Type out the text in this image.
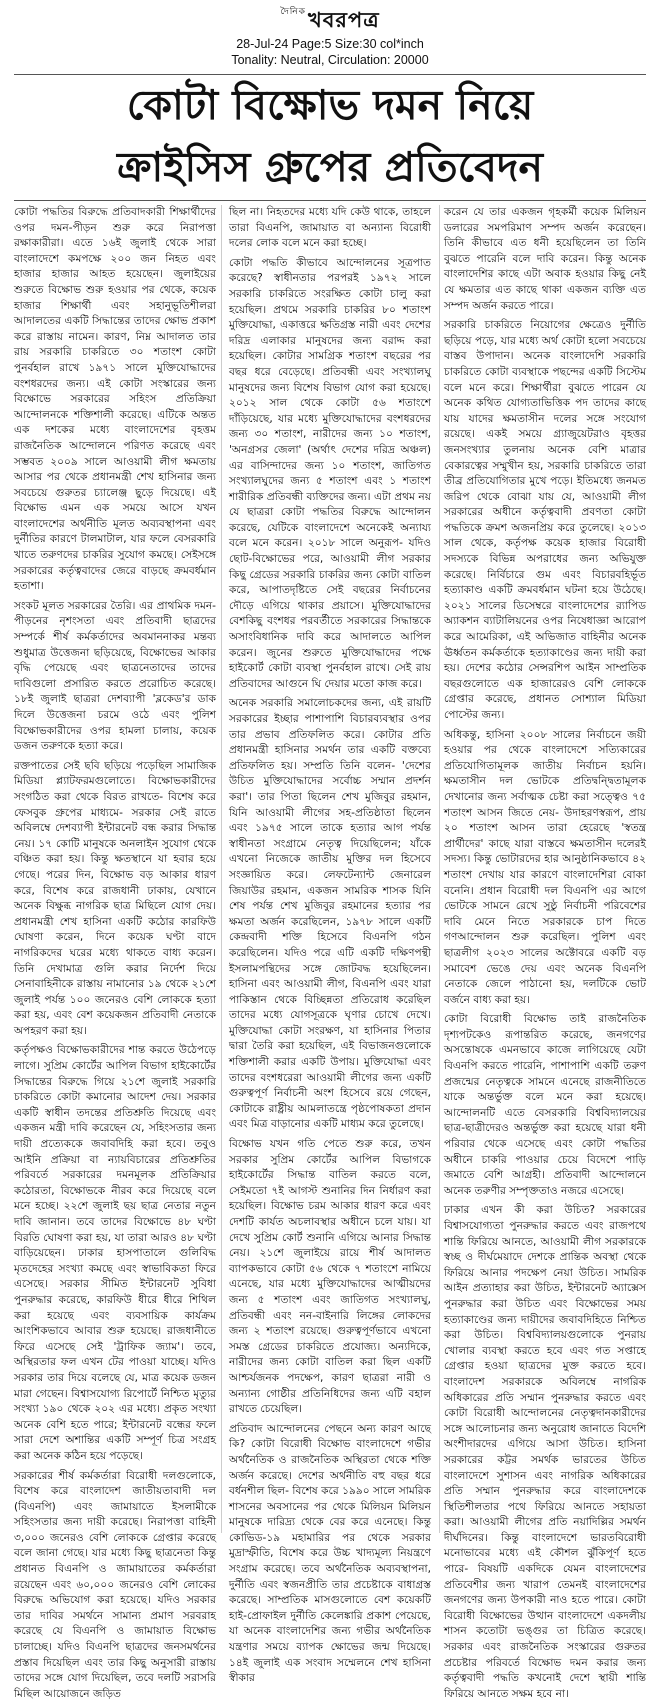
$^{দৈনিক}$খবরপত্র
28-Jul-24 Page:5 Size:30 col*inch
Tonality: Neutral, Circulation: 20000
কোটা বিক্ষোভ দমন নিয়ে
ক্রাইসিস গ্রুপের প্রতিবেদন

কোটা পদ্ধতির বিরুদ্ধে প্রতিবাদকারী শিক্ষার্থীদের ওপর দমন-পীড়ন শুরু করে নিরাপত্তা রক্ষাকারীরা। এতে ১৬ই জুলাই থেকে সারা বাংলাদেশে কমপক্ষে ২০০ জন নিহত এবং হাজার হাজার আহত হয়েছেন। জুলাইয়ের শুরুতে বিক্ষোভ শুরু হওয়ার পর থেকে, কয়েক হাজার শিক্ষার্থী এবং সহানুভূতিশীলরা আদালতের একটি সিদ্ধান্তের তাদের ক্ষোভ প্রকাশ করে রাস্তায় নামেন। কারণ, নিম্ন আদালত তার রায় সরকারি চাকরিতে ৩০ শতাংশ কোটা পুনর্বহাল রাখে ১৯৭১ সালে মুক্তিযোদ্ধাদের বংশধরদের জন্য। এই কোটা সংস্কারের জন্য বিক্ষোভে সরকারের সহিংস প্রতিক্রিয়া আন্দোলনকে শক্তিশালী করেছে। এটিকে অন্তত এক দশকের মধ্যে বাংলাদেশের বৃহত্তম রাজনৈতিক আন্দোলনে পরিণত করেছে এবং সম্ভবত ২০০৯ সালে আওয়ামী লীগ ক্ষমতায় আসার পর থেকে প্রধানমন্ত্রী শেখ হাসিনার জন্য সবচেয়ে গুরুতর চ্যালেঞ্জ ছুড়ে দিয়েছে। এই বিক্ষোভ এমন এক সময়ে আসে যখন বাংলাদেশের অর্থনীতি মূলত অব্যবস্থাপনা এবং দুর্নীতির কারণে টালমাটাল, যার ফলে বেসরকারি খাতে তরুণদের চাকরির সুযোগ কমছে। সেইসঙ্গে সরকারের কর্তৃত্ববাদের জেরে বাড়ছে ক্রমবর্ধমান হতাশা।

সংকট মূলত সরকারের তৈরি। এর প্রাথমিক দমন-পীড়নের নৃশংসতা এবং প্রতিবাদী ছাত্রদের সম্পর্কে শীর্ষ কর্মকর্তাদের অবমাননাকর মন্তব্য শুধুমাত্র উত্তেজনা ছড়িয়েছে, বিক্ষোভের আকার বৃদ্ধি পেয়েছে এবং ছাত্রনেতাদের তাদের দাবিগুলো প্রসারিত করতে প্ররোচিত করেছে। ১৮ই জুলাই ছাত্ররা দেশব্যাপী 'ব্লকেড'র ডাক দিলে উত্তেজনা চরমে ওঠে এবং পুলিশ বিক্ষোভকারীদের ওপর হামলা চালায়, কয়েক ডজন তরুণকে হত্যা করে।

রক্তপাতের সেই ছবি ছড়িয়ে পড়েছিল সামাজিক মিডিয়া প্ল্যাটফরমগুলোতে। বিক্ষোভকারীদের সংগঠিত করা থেকে বিরত রাখতে- বিশেষ করে ফেসবুক গ্রুপের মাধ্যমে- সরকার সেই রাতে অবিলম্বে দেশব্যাপী ইন্টারনেট বন্ধ করার সিদ্ধান্ত নেয়। ১৭ কোটি মানুষকে অনলাইন সুযোগ থেকে বঞ্চিত করা হয়। কিন্তু ক্ষতস্থানে যা হবার হয়ে গেছে। পরের দিন, বিক্ষোভ বড় আকার ধারণ করে, বিশেষ করে রাজধানী ঢাকায়, যেখানে অনেক বিক্ষুব্ধ নাগরিক ছাত্র মিছিলে যোগ দেয়। প্রধানমন্ত্রী শেখ হাসিনা একটি কঠোর কারফিউ ঘোষণা করেন, দিনে কয়েক ঘণ্টা বাদে নাগরিকদের ঘরের মধ্যে থাকতে বাধ্য করেন। তিনি দেখামাত্র গুলি করার নির্দেশ দিয়ে সেনাবাহিনীকে রাস্তায় নামানোর ১৯ থেকে ২১শে জুলাই পর্যন্ত ১০০ জনেরও বেশি লোককে হত্যা করা হয়, এবং বেশ কয়েকজন প্রতিবাদী নেতাকে অপহরণ করা হয়।

কর্তৃপক্ষও বিক্ষোভকারীদের শান্ত করতে উঠেপড়ে লাগে। সুপ্রিম কোর্টের আপিল বিভাগ হাইকোর্টের সিদ্ধান্তের বিরুদ্ধে গিয়ে ২১শে জুলাই সরকারি চাকরিতে কোটা কমানোর আদেশ দেয়। সরকার একটি স্বাধীন তদন্তের প্রতিশ্রুতি দিয়েছে এবং একজন মন্ত্রী দাবি করেছেন যে, সহিংসতার জন্য দায়ী প্রত্যেককে জবাবদিহি করা হবে। তবুও আইনি প্রক্রিয়া বা ন্যায়বিচারের প্রতিশ্রুতির পরিবর্তে সরকারের দমনমূলক প্রতিক্রিয়ার কঠোরতা, বিক্ষোভকে নীরব করে দিয়েছে বলে মনে হচ্ছে। ২২শে জুলাই ছয় ছাত্র নেতার নতুন দাবি জানান। তবে তাদের বিক্ষোভে ৪৮ ঘণ্টা বিরতি ঘোষণা করা হয়, যা তারা আরও ৪৮ ঘণ্টা বাড়িয়েছেন। ঢাকার হাসপাতালে গুলিবিদ্ধ মৃতদেহের সংখ্যা কমছে এবং স্বাভাবিকতা ফিরে এসেছে। সরকার সীমিত ইন্টারনেট সুবিধা পুনরুদ্ধার করেছে, কারফিউ ধীরে ধীরে শিথিল করা হয়েছে এবং ব্যবসায়িক কার্যক্রম আংশিকভাবে আবার শুরু হয়েছে। রাজধানীতে ফিরে এসেছে সেই 'ট্রাফিক জ্যাম'। তবে, অস্থিরতার ফল এখন টের পাওয়া যাচ্ছে। যদিও সরকার তার দিয়ে বলেছে যে, মাত্র কয়েক ডজন মারা গেছেন। বিশ্বাসযোগ্য রিপোর্টে নিশ্চিত মৃত্যুর সংখ্যা ১৯০ থেকে ২০২ এর মধ্যে। প্রকৃত সংখ্যা অনেক বেশি হতে পারে; ইন্টারনেট বন্ধের ফলে সারা দেশে অশান্তির একটি সম্পূর্ণ চিত্র সংগ্রহ করা অনেক কঠিন হয়ে পড়েছে।

সরকারের শীর্ষ কর্মকর্তারা বিরোধী দলগুলোকে, বিশেষ করে বাংলাদেশ জাতীয়তাবাদী দল (বিএনপি) এবং জামায়াতে ইসলামীকে সহিংসতার জন্য দায়ী করেছে। নিরাপত্তা বাহিনী ৩,০০০ জনেরও বেশি লোককে গ্রেপ্তার করেছে বলে জানা গেছে। যার মধ্যে কিছু ছাত্রনেতা কিন্তু প্রধানত বিএনপি ও জামায়াতের কর্মকর্তারা রয়েছেন এবং ৬০,০০০ জনেরও বেশি লোকের বিরুদ্ধে অভিযোগ করা হয়েছে। যদিও সরকার তার দাবির সমর্থনে সামান্য প্রমাণ সরবরাহ করেছে যে বিএনপি ও জামায়াত বিক্ষোভ চালাচ্ছে। যদিও বিএনপি ছাত্রদের জনসমর্থনের প্রস্তাব দিয়েছিল এবং তার কিছু অনুসারী রাস্তায় তাদের সঙ্গে যোগ দিয়েছিল, তবে দলটি সরাসরি মিছিল আয়োজনে জড়িত

ছিল না। নিহতদের মধ্যে যদি কেউ থাকে, তাহলে তারা বিএনপি, জামায়াত বা অন্যান্য বিরোধী দলের লোক বলে মনে করা হচ্ছে।

কোটা পদ্ধতি কীভাবে আন্দোলনের সূত্রপাত করেছে? স্বাধীনতার পরপরই ১৯৭২ সালে সরকারি চাকরিতে সংরক্ষিত কোটা চালু করা হয়েছিল। প্রথমে সরকারি চাকরির ৮০ শতাংশ মুক্তিযোদ্ধা, একাত্তরে ক্ষতিগ্রস্ত নারী এবং দেশের দরিদ্র এলাকার মানুষদের জন্য বরাদ্দ করা হয়েছিল। কোটার সামগ্রিক শতাংশ বছরের পর বছর ধরে বেড়েছে। প্রতিবন্ধী এবং সংখ্যালঘু মানুষদের জন্য বিশেষ বিভাগ যোগ করা হয়েছে। ২০১২ সাল থেকে কোটা ৫৬ শতাংশে দাঁড়িয়েছে, যার মধ্যে মুক্তিযোদ্ধাদের বংশধরদের জন্য ৩০ শতাংশ, নারীদের জন্য ১০ শতাংশ, 'অনগ্রসর জেলা' (অর্থাৎ দেশের দরিদ্র অঞ্চল) এর বাসিন্দাদের জন্য ১০ শতাংশ, জাতিগত সংখ্যালঘুদের জন্য ৫ শতাংশ এবং ১ শতাংশ শারীরিক প্রতিবন্ধী ব্যক্তিদের জন্য। এটা প্রথম নয় যে ছাত্ররা কোটা পদ্ধতির বিরুদ্ধে আন্দোলন করেছে, যেটিকে বাংলাদেশে অনেকেই অন্যায্য বলে মনে করেন। ২০১৮ সালে অনুরূপ- যদিও ছোট-বিক্ষোভের পরে, আওয়ামী লীগ সরকার কিছু গ্রেডের সরকারি চাকরির জন্য কোটা বাতিল করে, আপাতদৃষ্টিতে সেই বছরের নির্বাচনের দৌড়ে এগিয়ে থাকার প্রয়াসে। মুক্তিযোদ্ধাদের বেশকিছু বংশধর পরবর্তীতে সরকারের সিদ্ধান্তকে অসাংবিধানিক দাবি করে আদালতে আপিল করেন। জুনের শুরুতে মুক্তিযোদ্ধাদের পক্ষে হাইকোর্ট কোটা ব্যবস্থা পুনর্বহাল রাখে। সেই রায় প্রতিবাদের আগুনে ঘি দেয়ার মতো কাজ করে।

অনেক সরকারি সমালোচকদের জন্য, এই রায়টি সরকারের ইচ্ছার পাশাপাশি বিচারব্যবস্থার ওপর তার প্রভাব প্রতিফলিত করে। কোটার প্রতি প্রধানমন্ত্রী হাসিনার সমর্থন তার একটি বক্তব্যে প্রতিফলিত হয়। সম্প্রতি তিনি বলেন- 'দেশের উচিত মুক্তিযোদ্ধাদের সর্বোচ্চ সম্মান প্রদর্শন করা'। তার পিতা ছিলেন শেখ মুজিবুর রহমান, যিনি আওয়ামী লীগের সহ-প্রতিষ্ঠাতা ছিলেন এবং ১৯৭৫ সালে তাকে হত্যার আগ পর্যন্ত স্বাধীনতা সংগ্রামে নেতৃত্ব দিয়েছিলেন; যাঁকে এখনো নিজেকে জাতীয় মুক্তির দল হিসেবে সংজ্ঞায়িত করে। লেফটেন্যান্ট জেনারেল জিয়াউর রহমান, একজন সামরিক শাসক যিনি শেষ পর্যন্ত শেখ মুজিবুর রহমানের হত্যার পর ক্ষমতা অর্জন করেছিলেন, ১৯৭৮ সালে একটি কেন্দ্রবাদী শক্তি হিসেবে বিএনপি গঠন করেছিলেন। যদিও পরে এটি একটি দক্ষিণপন্থী ইসলামপন্থিদের সঙ্গে জোটবদ্ধ হয়েছিলেন। হাসিনা এবং আওয়ামী লীগ, বিএনপি এবং যারা পাকিস্তান থেকে বিচ্ছিন্নতা প্রতিরোধ করেছিল তাদের মধ্যে যোগসূত্রকে ঘৃণার চোখে দেখে। মুক্তিযোদ্ধা কোটা সংরক্ষণ, যা হাসিনার পিতার দ্বারা তৈরি করা হয়েছিল, এই বিভাজনগুলোকে শক্তিশালী করার একটি উপায়। মুক্তিযোদ্ধা এবং তাদের বংশধরেরা আওয়ামী লীগের জন্য একটি গুরুত্বপূর্ণ নির্বাচনী অংশ হিসেবে রয়ে গেছেন, কোটাকে রাষ্ট্রীয় আমলাতন্ত্রে পৃষ্ঠপোষকতা প্রদান এবং মিত্র বাড়ানোর একটি মাধ্যম করে তুলেছে।

বিক্ষোভ যখন গতি পেতে শুরু করে, তখন সরকার সুপ্রিম কোর্টের আপিল বিভাগকে হাইকোর্টের সিদ্ধান্ত বাতিল করতে বলে, সেইমতো ৭ই আগস্ট শুনানির দিন নির্ধারণ করা হয়েছিল। বিক্ষোভ চরম আকার ধারণ করে এবং দেশটি কার্যত অচলাবস্থার অধীনে চলে যায়। যা দেখে সুপ্রিম কোর্ট শুনানি এগিয়ে আনার সিদ্ধান্ত নেয়। ২১শে জুলাইয়ে রায়ে শীর্ষ আদালত ব্যাপকভাবে কোটা ৫৬ থেকে ৭ শতাংশে নামিয়ে এনেছে, যার মধ্যে মুক্তিযোদ্ধাদের আত্মীয়দের জন্য ৫ শতাংশ এবং জাতিগত সংখ্যালঘু, প্রতিবন্ধী এবং নন-বাইনারি লিঙ্গের লোকদের জন্য ২ শতাংশ রয়েছে। গুরুত্বপূর্ণভাবে এখনো সমস্ত গ্রেডের চাকরিতে প্রযোজ্য। অন্যদিকে, নারীদের জন্য কোটা বাতিল করা ছিল একটি আশ্চর্যজনক পদক্ষেপ, কারণ ছাত্ররা নারী ও অন্যান্য গোষ্ঠীর প্রতিনিধিদের জন্য এটি বহাল রাখতে চেয়েছিল।

প্রতিবাদ আন্দোলনের পেছনে অন্য কারণ আছে কি? কোটা বিরোধী বিক্ষোভ বাংলাদেশে গভীর অর্থনৈতিক ও রাজনৈতিক অস্থিরতা থেকে শক্তি অর্জন করেছে। দেশের অর্থনীতি বহু বছর ধরে বর্ধনশীল ছিল- বিশেষ করে ১৯৯০ সালে সামরিক শাসনের অবসানের পর থেকে মিলিয়ন মিলিয়ন মানুষকে দারিদ্র্য থেকে বের করে এনেছে। কিন্তু কোভিড-১৯ মহামারির পর থেকে সরকার মুদ্রাস্ফীতি, বিশেষ করে উচ্চ খাদ্যমূল্য নিয়ন্ত্রণে সংগ্রাম করেছে। তবে অর্থনৈতিক অব্যবস্থাপনা, দুর্নীতি এবং স্বজনপ্রীতি তার প্রচেষ্টাকে বাধাগ্রস্ত করেছে। সাম্প্রতিক মাসগুলোতে বেশ কয়েকটি হাই-প্রোফাইল দুর্নীতি কেলেঙ্কারি প্রকাশ পেয়েছে, যা অনেক বাংলাদেশির জন্য গভীর অর্থনৈতিক যন্ত্রণার সময়ে ব্যাপক ক্ষোভের জন্ম দিয়েছে। ১৪ই জুলাই এক সংবাদ সম্মেলনে শেখ হাসিনা স্বীকার

করেন যে তার একজন গৃহকর্মী কয়েক মিলিয়ন ডলারের সমপরিমাণ সম্পদ অর্জন করেছেন। তিনি কীভাবে এত ধনী হয়েছিলেন তা তিনি বুঝতে পারেনি বলে দাবি করেন। কিন্তু অনেক বাংলাদেশির কাছে এটা অবাক হওয়ার কিছু নেই যে ক্ষমতার এত কাছে থাকা একজন ব্যক্তি এত সম্পদ অর্জন করতে পারে।

সরকারি চাকরিতে নিয়োগের ক্ষেত্রেও দুর্নীতি ছড়িয়ে পড়ে, যার মধ্যে অর্থ কোটা হলো সবচেয়ে বাস্তব উপাদান। অনেক বাংলাদেশি সরকারি চাকরিতে কোটা ব্যবস্থাকে পছন্দের একটি সিস্টেম বলে মনে করে। শিক্ষার্থীরা বুঝতে পারেন যে অনেক কথিত যোগ্যতাভিত্তিক পদ তাদের কাছে যায় যাদের ক্ষমতাসীন দলের সঙ্গে সংযোগ রয়েছে। একই সময়ে গ্র্যাজুয়েটরাও বৃহত্তর জনসংখ্যার তুলনায় অনেক বেশি মাত্রার বেকারত্বের সম্মুখীন হয়, সরকারি চাকরিতে তারা তীব্র প্রতিযোগিতার মুখে পড়ে। ইতিমধ্যে জনমত জরিপ থেকে বোঝা যায় যে, আওয়ামী লীগ সরকারের অধীনে কর্তৃত্ববাদী প্রবণতা কোটা পদ্ধতিকে ক্রমশ অজনপ্রিয় করে তুলেছে। ২০১৩ সাল থেকে, কর্তৃপক্ষ কয়েক হাজার বিরোধী সদস্যকে বিভিন্ন অপরাধের জন্য অভিযুক্ত করেছে। নির্বিচারে গুম এবং বিচারবহির্ভূত হত্যাকাণ্ড একটি ক্রমবর্ধমান ঘটনা হয়ে উঠেছে। ২০২১ সালের ডিসেম্বরে বাংলাদেশের র‌্যাপিড অ্যাকশন ব্যাটালিয়নের ওপর নিষেধাজ্ঞা আরোপ করে আমেরিকা, এই অভিজাত বাহিনীর অনেক ঊর্ধ্বতন কর্মকর্তাকে হত্যাকাণ্ডের জন্য দায়ী করা হয়। দেশের কঠোর সেন্সরশিপ আইন সাম্প্রতিক বছরগুলোতে এক হাজারেরও বেশি লোককে গ্রেপ্তার করেছে, প্রধানত সোশ্যাল মিডিয়া পোস্টের জন্য।

অধিকন্তু, হাসিনা ২০০৮ সালের নির্বাচনে জয়ী হওয়ার পর থেকে বাংলাদেশে সত্যিকারের প্রতিযোগিতামূলক জাতীয় নির্বাচন হয়নি। ক্ষমতাসীন দল ভোটকে প্রতিদ্বন্দ্বিতামূলক দেখানোর জন্য সর্বাত্মক চেষ্টা করা সত্ত্বেও ৭৫ শতাংশ আসন জিতে নেয়- উদাহরণস্বরূপ, প্রায় ২০ শতাংশ আসন তারা হেরেছে 'স্বতন্ত্র প্রার্থীদের' কাছে যারা বাস্তবে ক্ষমতাসীন দলেরই সদস্য। কিন্তু ভোটারদের হার আনুষ্ঠানিকভাবে ৪২ শতাংশ দেখায় যার কারণে বাংলাদেশিরা বোকা বনেনি। প্রধান বিরোধী দল বিএনপি এর আগে ভোটকে সামনে রেখে সুষ্ঠু নির্বাচনী পরিবেশের দাবি মেনে নিতে সরকারকে চাপ দিতে গণআন্দোলন শুরু করেছিল। পুলিশ এবং ছাত্রলীগ ২০২৩ সালের অক্টোবরে একটি বড় সমাবেশ ভেঙে দেয় এবং অনেক বিএনপি নেতাকে জেলে পাঠানো হয়, দলটিকে ভোট বর্জনে বাধ্য করা হয়।

কোটা বিরোধী বিক্ষোভ তাই রাজনৈতিক দৃশ্যপটকেও রূপান্তরিত করেছে, জনগণের অসন্তোষকে এমনভাবে কাজে লাগিয়েছে যেটা বিএনপি করতে পারেনি, পাশাপাশি একটি তরুণ প্রজন্মের নেতৃত্বকে সামনে এনেছে রাজনীতিতে যাকে অন্তর্ভুক্ত বলে মনে করা হয়েছে। আন্দোলনটি এতে বেসরকারি বিশ্ববিদ্যালয়ের ছাত্র-ছাত্রীদেরও অন্তর্ভুক্ত করা হয়েছে যারা ধনী পরিবার থেকে এসেছে এবং কোটা পদ্ধতির অধীনে চাকরি পাওয়ার চেয়ে বিদেশে পাড়ি জমাতে বেশি আগ্রহী। প্রতিবাদী আন্দোলনে অনেক তরুণীর সম্পৃক্ততাও নজরে এসেছে।

ঢাকার এখন কী করা উচিত? সরকারের বিশ্বাসযোগ্যতা পুনরুদ্ধার করতে এবং রাজপথে শান্তি ফিরিয়ে আনতে, আওয়ামী লীগ সরকারকে স্বচ্ছ ও দীর্ঘমেয়াদে দেশকে প্রান্তিক অবস্থা থেকে ফিরিয়ে আনার পদক্ষেপ নেয়া উচিত। সামরিক আইন প্রত্যাহার করা উচিত, ইন্টারনেট অ্যাক্সেস পুনরুদ্ধার করা উচিত এবং বিক্ষোভের সময় হত্যাকাণ্ডের জন্য দায়ীদের জবাবদিহিতে নিশ্চিত করা উচিত। বিশ্ববিদ্যালয়গুলোকে পুনরায় খোলার ব্যবস্থা করতে হবে এবং গত সপ্তাহে গ্রেপ্তার হওয়া ছাত্রদের মুক্ত করতে হবে। বাংলাদেশ সরকারকে অবিলম্বে নাগরিক অধিকারের প্রতি সম্মান পুনরুদ্ধার করতে এবং কোটা বিরোধী আন্দোলনের নেতৃত্বদানকারীদের সঙ্গে আলোচনার জন্য অনুরোধ জানাতে বিদেশি অংশীদারদের এগিয়ে আসা উচিত। হাসিনা সরকারের কট্টর সমর্থক ভারতের উচিত বাংলাদেশে সুশাসন এবং নাগরিক অধিকারের প্রতি সম্মান পুনরুদ্ধার করে বাংলাদেশকে স্থিতিশীলতার পথে ফিরিয়ে আনতে সহায়তা করা। আওয়ামী লীগের প্রতি নয়াদিল্লির সমর্থন দীর্ঘদিনের। কিন্তু বাংলাদেশে ভারতবিরোধী মনোভাবের মধ্যে এই কৌশল ঝুঁকিপূর্ণ হতে পারে- বিষয়টি একদিকে যেমন বাংলাদেশের প্রতিবেশীর জন্য খারাপ তেমনই বাংলাদেশের জনগণের জন্য উপকারী নাও হতে পারে। কোটা বিরোধী বিক্ষোভের উত্থান বাংলাদেশে একদলীয় শাসন কতোটা ভঙ্গুর তা চিত্রিত করেছে। সরকার এবং রাজনৈতিক সংস্কারের গুরুতর প্রচেষ্টার পরিবর্তে বিক্ষোভ দমন করার জন্য কর্তৃত্ববাদী পদ্ধতি কখনোই দেশে স্থায়ী শান্তি ফিরিয়ে আনতে সক্ষম হবে না।
